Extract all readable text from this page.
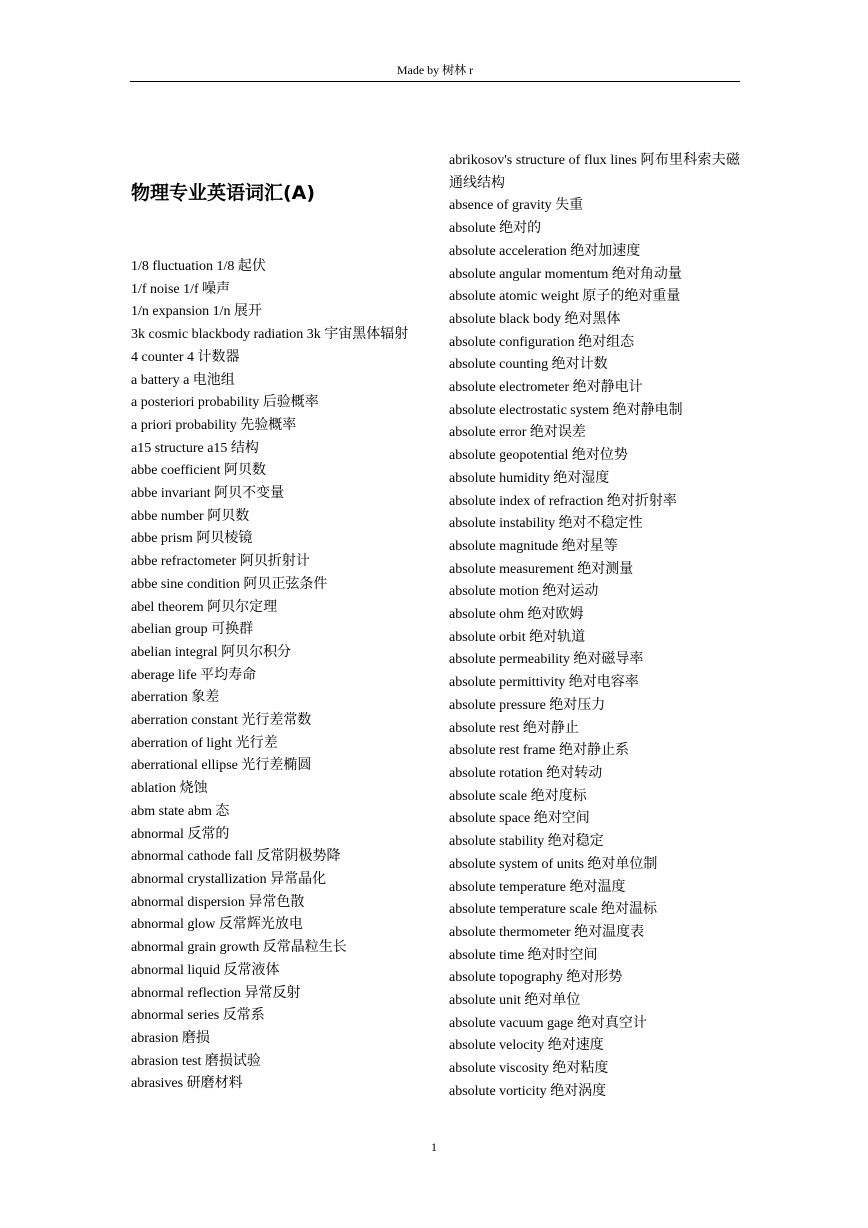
Made by 树林 r
物理专业英语词汇(A)
1/8 fluctuation 1/8 起伏
1/f noise 1/f 噪声
1/n expansion 1/n 展开
3k cosmic blackbody radiation 3k 宇宙黑体辐射
4 counter 4 计数器
a battery a 电池组
a posteriori probability 后验概率
a priori probability 先验概率
a15 structure a15 结构
abbe coefficient 阿贝数
abbe invariant 阿贝不变量
abbe number 阿贝数
abbe prism 阿贝棱镜
abbe refractometer 阿贝折射计
abbe sine condition 阿贝正弦条件
abel theorem 阿贝尔定理
abelian group 可换群
abelian integral 阿贝尔积分
aberage life 平均寿命
aberration 象差
aberration constant 光行差常数
aberration of light 光行差
aberrational ellipse 光行差椭圆
ablation 烧蚀
abm state abm 态
abnormal 反常的
abnormal cathode fall 反常阴极势降
abnormal crystallization 异常晶化
abnormal dispersion 异常色散
abnormal glow 反常辉光放电
abnormal grain growth 反常晶粒生长
abnormal liquid 反常液体
abnormal reflection 异常反射
abnormal series 反常系
abrasion 磨损
abrasion test 磨损试验
abrasives 研磨材料
abrikosov's structure of flux lines 阿布里科索夫磁通线结构
absence of gravity 失重
absolute 绝对的
absolute acceleration 绝对加速度
absolute angular momentum 绝对角动量
absolute atomic weight 原子的绝对重量
absolute black body 绝对黑体
absolute configuration 绝对组态
absolute counting 绝对计数
absolute electrometer 绝对静电计
absolute electrostatic system 绝对静电制
absolute error 绝对误差
absolute geopotential 绝对位势
absolute humidity 绝对湿度
absolute index of refraction 绝对折射率
absolute instability 绝对不稳定性
absolute magnitude 绝对星等
absolute measurement 绝对测量
absolute motion 绝对运动
absolute ohm 绝对欧姆
absolute orbit 绝对轨道
absolute permeability 绝对磁导率
absolute permittivity 绝对电容率
absolute pressure 绝对压力
absolute rest 绝对静止
absolute rest frame 绝对静止系
absolute rotation 绝对转动
absolute scale 绝对度标
absolute space 绝对空间
absolute stability 绝对稳定
absolute system of units 绝对单位制
absolute temperature 绝对温度
absolute temperature scale 绝对温标
absolute thermometer 绝对温度表
absolute time 绝对时空间
absolute topography 绝对形势
absolute unit 绝对单位
absolute vacuum gage 绝对真空计
absolute velocity 绝对速度
absolute viscosity 绝对粘度
absolute vorticity 绝对涡度
1
